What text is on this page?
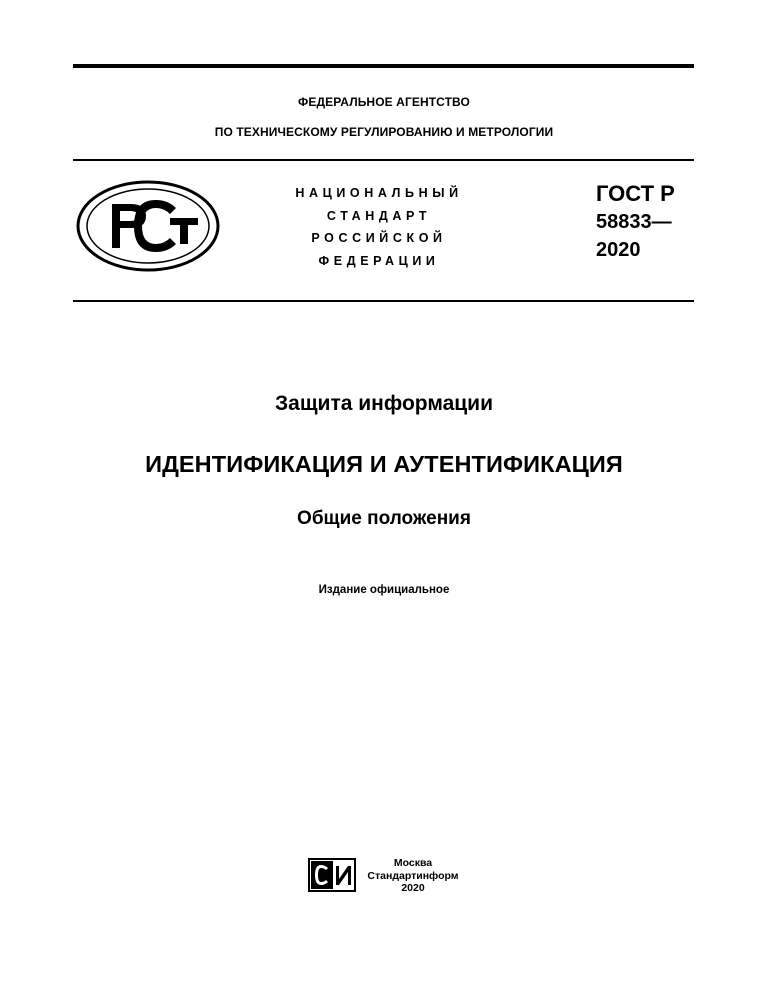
ФЕДЕРАЛЬНОЕ АГЕНТСТВО
ПО ТЕХНИЧЕСКОМУ РЕГУЛИРОВАНИЮ И МЕТРОЛОГИИ
НАЦИОНАЛЬНЫЙ
СТАНДАРТ
РОССИЙСКОЙ
ФЕДЕРАЦИИ
ГОСТ Р
58833—
2020
Защита информации
ИДЕНТИФИКАЦИЯ И АУТЕНТИФИКАЦИЯ
Общие положения
Издание официальное
Москва
Стандартинформ
2020
